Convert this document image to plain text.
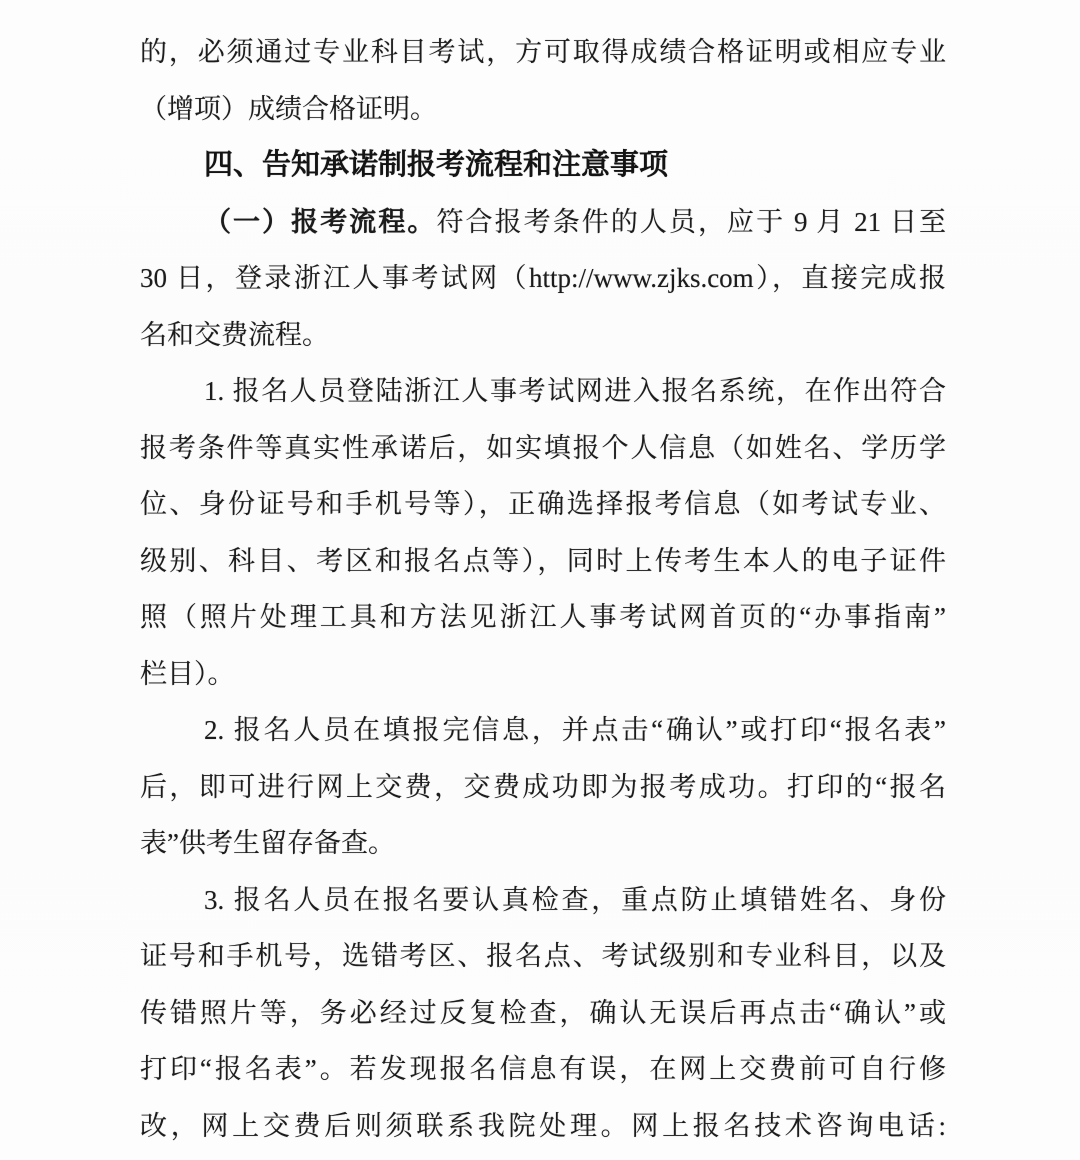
的，必须通过专业科目考试，方可取得成绩合格证明或相应专业
（增项）成绩合格证明。
四、告知承诺制报考流程和注意事项
（一）报考流程。符合报考条件的人员，应于 9 月 21 日至
30 日，登录浙江人事考试网（http://www.zjks.com），直接完成报
名和交费流程。
1. 报名人员登陆浙江人事考试网进入报名系统，在作出符合
报考条件等真实性承诺后，如实填报个人信息（如姓名、学历学
位、身份证号和手机号等），正确选择报考信息（如考试专业、
级别、科目、考区和报名点等），同时上传考生本人的电子证件
照（照片处理工具和方法见浙江人事考试网首页的“办事指南”
栏目）。
2. 报名人员在填报完信息，并点击“确认”或打印“报名表”
后，即可进行网上交费，交费成功即为报考成功。打印的“报名
表”供考生留存备查。
3. 报名人员在报名要认真检查，重点防止填错姓名、身份
证号和手机号，选错考区、报名点、考试级别和专业科目，以及
传错照片等，务必经过反复检查，确认无误后再点击“确认”或
打印“报名表”。若发现报名信息有误，在网上交费前可自行修
改，网上交费后则须联系我院处理。网上报名技术咨询电话:
